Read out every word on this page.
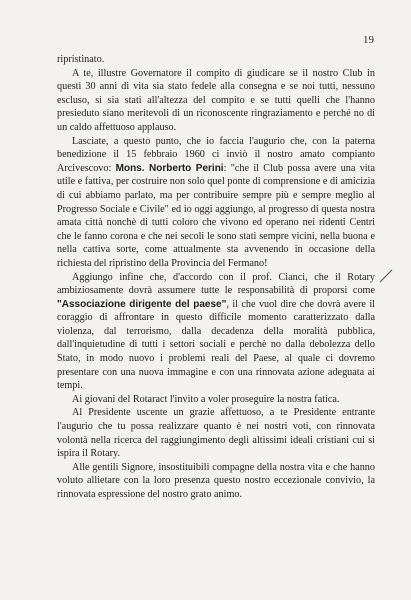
19

ripristinato.

A te, illustre Governatore il compito di giudicare se il nostro Club in questi 30 anni di vita sia stato fedele alla consegna e se noi tutti, nessuno escluso, si sia stati all'altezza del compito e se tutti quelli che l'hanno presieduto siano meritevoli di un riconoscente ringraziamento e perché no di un caldo affettuoso applauso.

Lasciate, a questo punto, che io faccia l'augurio che, con la paterna benedizione il 15 febbraio 1960 ci inviò il nostro amato compianto Arcivescovo: Mons. Norberto Perini: "che il Club possa avere una vita utile e fattiva, per costruire non solo quel ponte di comprensione e di amicizia di cui abbiamo parlato, ma per contribuire sempre più e sempre meglio al Progresso Sociale e Civile" ed io oggi aggiungo, al progresso di questa nostra amata città nonchè di tutti coloro che vivono ed operano nei ridenti Centri che le fanno corona e che nei secoli le sono stati sempre vicini, nella buona e nella cattiva sorte, come attualmente sta avvenendo in occasione della richiesta del ripristino della Provincia del Fermano!

Aggiungo infine che, d'accordo con il prof. Cianci, che il Rotary ambiziosamente dovrà assumere tutte le responsabilità di proporsi come "Associazione dirigente del paese", il che vuol dire che dovrà avere il coraggio di affrontare in questo difficile momento caratterizzato dalla violenza, dal terrorismo, dalla decadenza della moralità pubblica, dall'inquietudine di tutti i settori sociali e perchè no dalla debolezza dello Stato, in modo nuovo i problemi reali del Paese, al quale ci dovremo presentare con una nuova immagine e con una rinnovata azione adeguata ai tempi.

Ai giovani del Rotaract l'invito a voler proseguire la nostra fatica.

Al Presidente uscente un grazie affettuoso, a te Presidente entrante l'augurio che tu possa realizzare quanto è nei nostri voti, con rinnovata volontà nella ricerca del raggiungimento degli altissimi ideali cristiani cui si ispira il Rotary.

Alle gentili Signore, insostituibili compagne della nostra vita e che hanno voluto allietare con la loro presenza questo nostro eccezionale convivio, la rinnovata espressione del nostro grato animo.
